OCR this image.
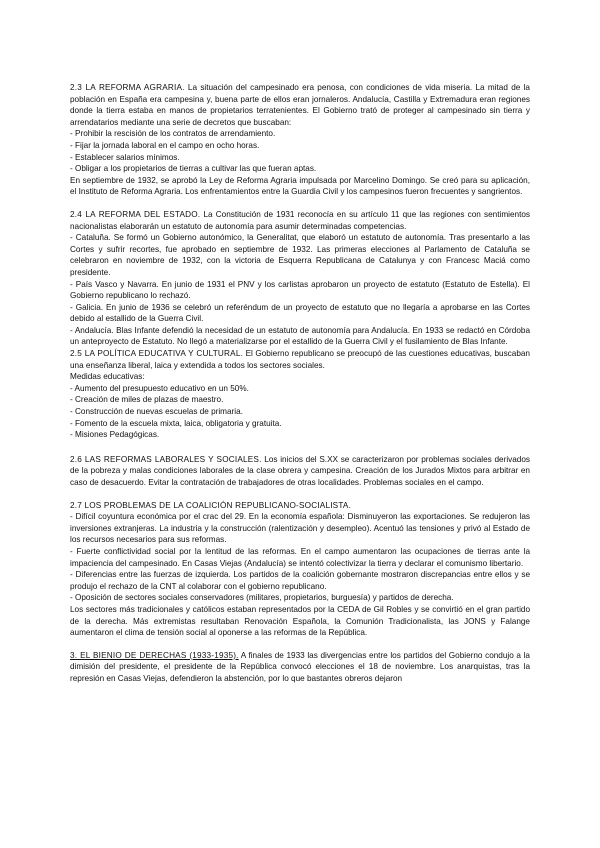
2.3 LA REFORMA AGRARIA. La situación del campesinado era penosa, con condiciones de vida miseria. La mitad de la población en España era campesina y, buena parte de ellos eran jornaleros. Andalucía, Castilla y Extremadura eran regiones donde la tierra estaba en manos de propietarios terratenientes. El Gobierno trató de proteger al campesinado sin tierra y arrendatarios mediante una serie de decretos que buscaban:

- Prohibir la rescisión de los contratos de arrendamiento.
- Fijar la jornada laboral en el campo en ocho horas.
- Establecer salarios mínimos.
- Obligar a los propietarios de tierras a cultivar las que fueran aptas.

En septiembre de 1932, se aprobó la Ley de Reforma Agraria impulsada por Marcelino Domingo. Se creó para su aplicación, el Instituto de Reforma Agraria. Los enfrentamientos entre la Guardia Civil y los campesinos fueron frecuentes y sangrientos.

2.4 LA REFORMA DEL ESTADO. La Constitución de 1931 reconocía en su artículo 11 que las regiones con sentimientos nacionalistas elaborarán un estatuto de autonomía para asumir determinadas competencias.

- Cataluña. Se formó un Gobierno autonómico, la Generalitat, que elaboró un estatuto de autonomía. Tras presentarlo a las Cortes y sufrir recortes, fue aprobado en septiembre de 1932. Las primeras elecciones al Parlamento de Cataluña se celebraron en noviembre de 1932, con la victoria de Esquerra Republicana de Catalunya y con Francesc Maciá como presidente.
- País Vasco y Navarra. En junio de 1931 el PNV y los carlistas aprobaron un proyecto de estatuto (Estatuto de Estella). El Gobierno republicano lo rechazó.
- Galicia. En junio de 1936 se celebró un referéndum de un proyecto de estatuto que no llegaría a aprobarse en las Cortes debido al estallido de la Guerra Civil.
- Andalucía. Blas Infante defendió la necesidad de un estatuto de autonomía para Andalucía. En 1933 se redactó en Córdoba un anteproyecto de Estatuto. No llegó a materializarse por el estallido de la Guerra Civil y el fusilamiento de Blas Infante.

2.5 LA POLÍTICA EDUCATIVA Y CULTURAL. El Gobierno republicano se preocupó de las cuestiones educativas, buscaban una enseñanza liberal, laica y extendida a todos los sectores sociales.

Medidas educativas:

- Aumento del presupuesto educativo en un 50%.
- Creación de miles de plazas de maestro.
- Construcción de nuevas escuelas de primaria.
- Fomento de la escuela mixta, laica, obligatoria y gratuita.
- Misiones Pedagógicas.

2.6 LAS REFORMAS LABORALES Y SOCIALES. Los inicios del S.XX se caracterizaron por problemas sociales derivados de la pobreza y malas condiciones laborales de la clase obrera y campesina. Creación de los Jurados Mixtos para arbitrar en caso de desacuerdo. Evitar la contratación de trabajadores de otras localidades. Problemas sociales en el campo.

2.7 LOS PROBLEMAS DE LA COALICIÓN REPUBLICANO-SOCIALISTA.

- Difícil coyuntura económica por el crac del 29. En la economía española: Disminuyeron las exportaciones. Se redujeron las inversiones extranjeras. La industria y la construcción (ralentización y desempleo). Acentuó las tensiones y privó al Estado de los recursos necesarios para sus reformas.
- Fuerte conflictividad social por la lentitud de las reformas. En el campo aumentaron las ocupaciones de tierras ante la impaciencia del campesinado. En Casas Viejas (Andalucía) se intentó colectivizar la tierra y declarar el comunismo libertario.
- Diferencias entre las fuerzas de izquierda. Los partidos de la coalición gobernante mostraron discrepancias entre ellos y se produjo el rechazo de la CNT al colaborar con el gobierno republicano.
- Oposición de sectores sociales conservadores (militares, propietarios, burguesía) y partidos de derecha.

Los sectores más tradicionales y católicos estaban representados por la CEDA de Gil Robles y se convirtió en el gran partido de la derecha. Más extremistas resultaban Renovación Española, la Comunión Tradicionalista, las JONS y Falange aumentaron el clima de tensión social al oponerse a las reformas de la República.

3. EL BIENIO DE DERECHAS (1933-1935). A finales de 1933 las divergencias entre los partidos del Gobierno condujo a la dimisión del presidente, el presidente de la República convocó elecciones el 18 de noviembre. Los anarquistas, tras la represión en Casas Viejas, defendieron la abstención, por lo que bastantes obreros dejaron
